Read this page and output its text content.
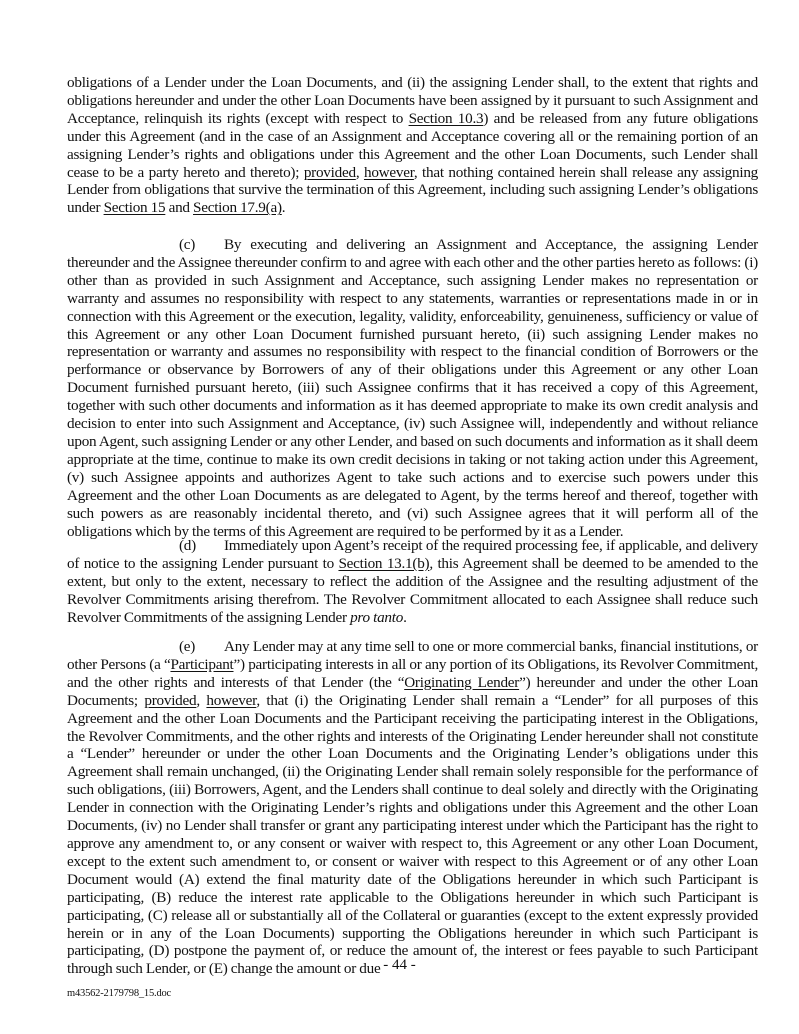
obligations of a Lender under the Loan Documents, and (ii) the assigning Lender shall, to the extent that rights and obligations hereunder and under the other Loan Documents have been assigned by it pursuant to such Assignment and Acceptance, relinquish its rights (except with respect to Section 10.3) and be released from any future obligations under this Agreement (and in the case of an Assignment and Acceptance covering all or the remaining portion of an assigning Lender’s rights and obligations under this Agreement and the other Loan Documents, such Lender shall cease to be a party hereto and thereto); provided, however, that nothing contained herein shall release any assigning Lender from obligations that survive the termination of this Agreement, including such assigning Lender’s obligations under Section 15 and Section 17.9(a).
(c) By executing and delivering an Assignment and Acceptance, the assigning Lender thereunder and the Assignee thereunder confirm to and agree with each other and the other parties hereto as follows: (i) other than as provided in such Assignment and Acceptance, such assigning Lender makes no representation or warranty and assumes no responsibility with respect to any statements, warranties or representations made in or in connection with this Agreement or the execution, legality, validity, enforceability, genuineness, sufficiency or value of this Agreement or any other Loan Document furnished pursuant hereto, (ii) such assigning Lender makes no representation or warranty and assumes no responsibility with respect to the financial condition of Borrowers or the performance or observance by Borrowers of any of their obligations under this Agreement or any other Loan Document furnished pursuant hereto, (iii) such Assignee confirms that it has received a copy of this Agreement, together with such other documents and information as it has deemed appropriate to make its own credit analysis and decision to enter into such Assignment and Acceptance, (iv) such Assignee will, independently and without reliance upon Agent, such assigning Lender or any other Lender, and based on such documents and information as it shall deem appropriate at the time, continue to make its own credit decisions in taking or not taking action under this Agreement, (v) such Assignee appoints and authorizes Agent to take such actions and to exercise such powers under this Agreement and the other Loan Documents as are delegated to Agent, by the terms hereof and thereof, together with such powers as are reasonably incidental thereto, and (vi) such Assignee agrees that it will perform all of the obligations which by the terms of this Agreement are required to be performed by it as a Lender.
(d) Immediately upon Agent’s receipt of the required processing fee, if applicable, and delivery of notice to the assigning Lender pursuant to Section 13.1(b), this Agreement shall be deemed to be amended to the extent, but only to the extent, necessary to reflect the addition of the Assignee and the resulting adjustment of the Revolver Commitments arising therefrom. The Revolver Commitment allocated to each Assignee shall reduce such Revolver Commitments of the assigning Lender pro tanto.
(e) Any Lender may at any time sell to one or more commercial banks, financial institutions, or other Persons (a “Participant”) participating interests in all or any portion of its Obligations, its Revolver Commitment, and the other rights and interests of that Lender (the “Originating Lender”) hereunder and under the other Loan Documents; provided, however, that (i) the Originating Lender shall remain a “Lender” for all purposes of this Agreement and the other Loan Documents and the Participant receiving the participating interest in the Obligations, the Revolver Commitments, and the other rights and interests of the Originating Lender hereunder shall not constitute a “Lender” hereunder or under the other Loan Documents and the Originating Lender’s obligations under this Agreement shall remain unchanged, (ii) the Originating Lender shall remain solely responsible for the performance of such obligations, (iii) Borrowers, Agent, and the Lenders shall continue to deal solely and directly with the Originating Lender in connection with the Originating Lender’s rights and obligations under this Agreement and the other Loan Documents, (iv) no Lender shall transfer or grant any participating interest under which the Participant has the right to approve any amendment to, or any consent or waiver with respect to, this Agreement or any other Loan Document, except to the extent such amendment to, or consent or waiver with respect to this Agreement or of any other Loan Document would (A) extend the final maturity date of the Obligations hereunder in which such Participant is participating, (B) reduce the interest rate applicable to the Obligations hereunder in which such Participant is participating, (C) release all or substantially all of the Collateral or guaranties (except to the extent expressly provided herein or in any of the Loan Documents) supporting the Obligations hereunder in which such Participant is participating, (D) postpone the payment of, or reduce the amount of, the interest or fees payable to such Participant through such Lender, or (E) change the amount or due - 44 -
m43562-2179798_15.doc
